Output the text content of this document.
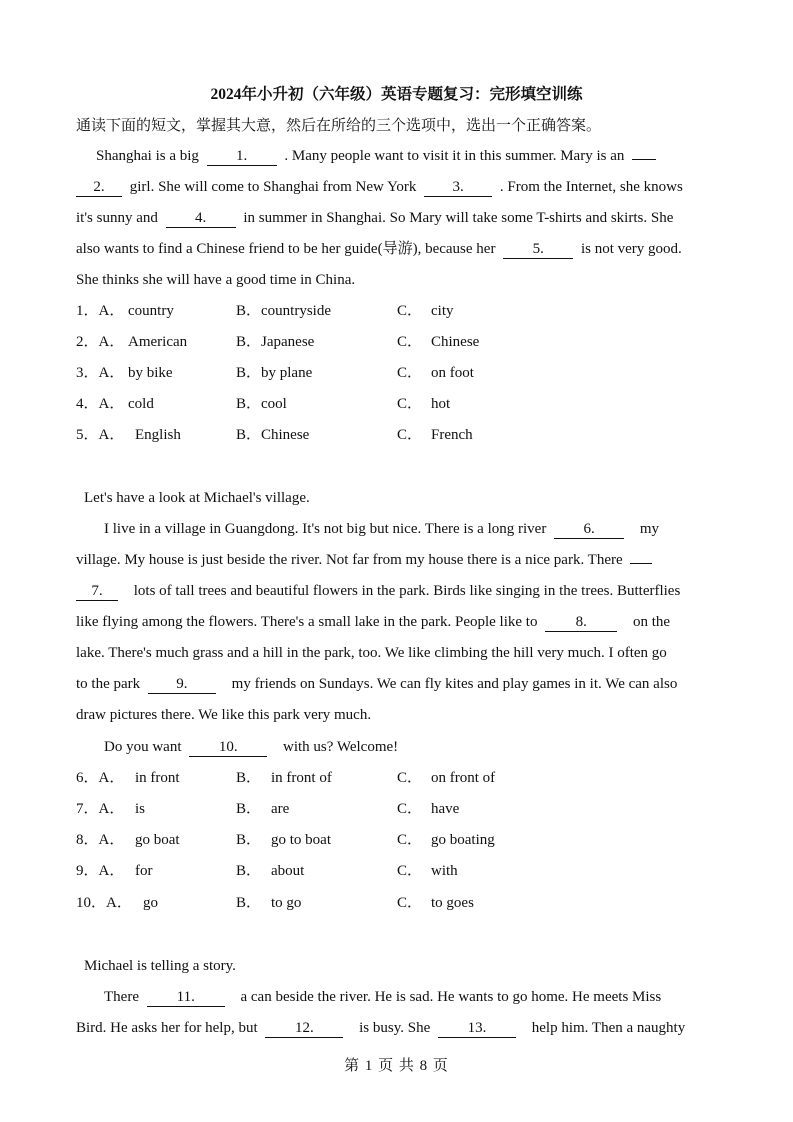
2024年小升初（六年级）英语专题复习：完形填空训练
通读下面的短文，掌握其大意，然后在所给的三个选项中，选出一个正确答案。
Shanghai is a big 1. . Many people want to visit it in this summer. Mary is an
2. girl. She will come to Shanghai from New York 3. . From the Internet, she knows
it's sunny and 4. in summer in Shanghai. So Mary will take some T-shirts and skirts. She
also wants to find a Chinese friend to be her guide(导游), because her 5. is not very good.
She thinks she will have a good time in China.
1．A． country	B．countryside	C． city
2．A． American	B．Japanese	C． Chinese
3．A． by bike	B．by plane	C． on foot
4．A． cold	B．cool	C． hot
5．A． English	B．Chinese	C． French
Let's have a look at Michael's village.
I live in a village in Guangdong. It's not big but nice. There is a long river 6.	my
village. My house is just beside the river. Not far from my house there is a nice park. There
7. lots of tall trees and beautiful flowers in the park. Birds like singing in the trees. Butterflies
like flying among the flowers. There's a small lake in the park. People like to	8.	on the
lake. There's much grass and a hill in the park, too. We like climbing the hill very much. I often go
to the park 9.	my friends on Sundays. We can fly kites and play games in it. We can also
draw pictures there. We like this park very much.
Do you want 10.	with us? Welcome!
6．A． in front	B． in front of	C． on front of
7．A． is	B． are	C． have
8．A． go boat	B． go to boat	C． go boating
9．A． for	B． about	C． with
10．A． go	B． to go	C． to goes
Michael is telling a story.
There	11.	a can beside the river. He is sad. He wants to go home. He meets Miss
Bird. He asks her for help, but 12.	is busy. She 13.	help him. Then a naughty
第 1 页 共 8 页
